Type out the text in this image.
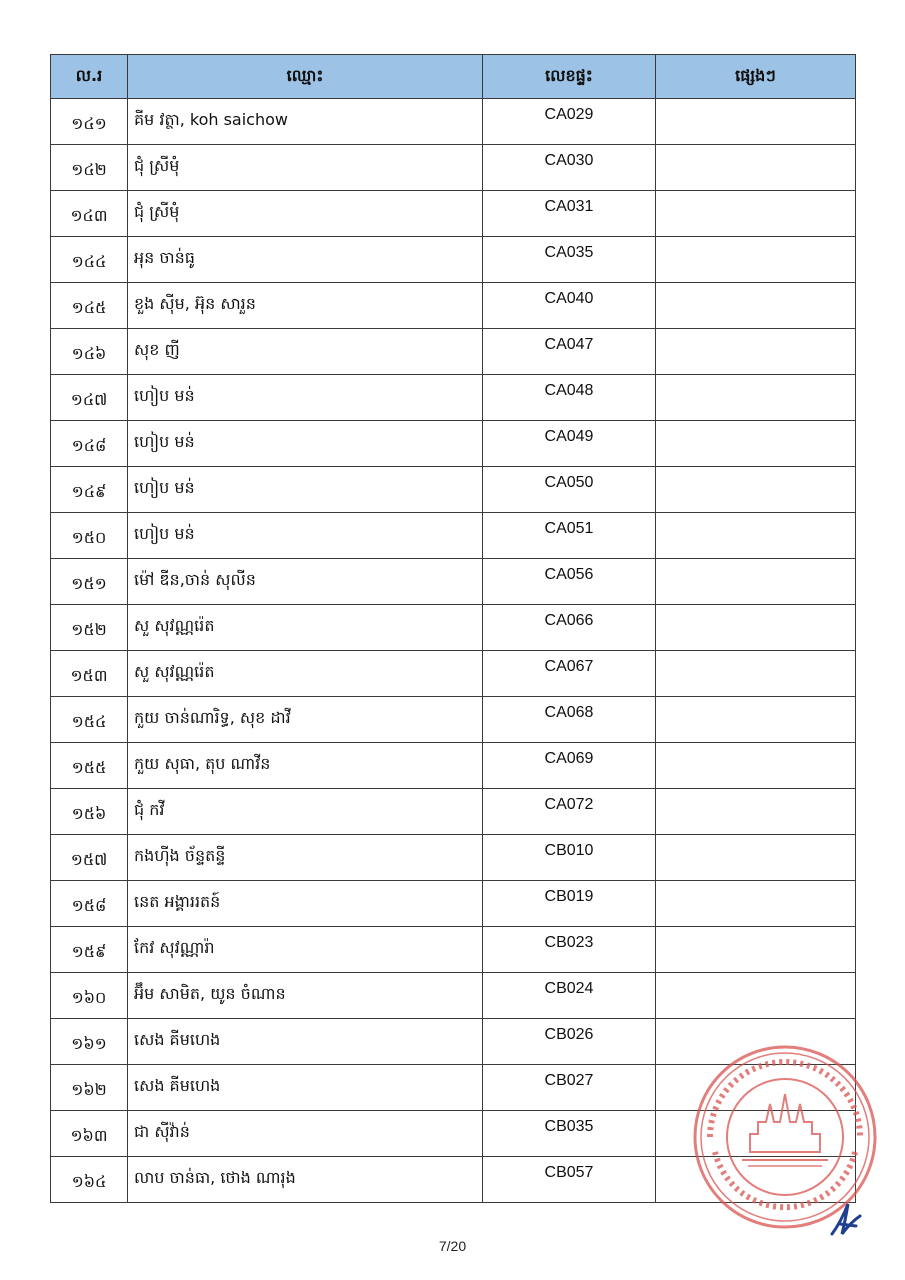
ល.រ	ឈ្មោះ	លេខផ្ទះ	ផ្សេងៗ
១៤១	គីម វត្ថា, koh saichow	CA029	
១៤២	ជុំ ស្រីមុំ	CA030	
១៤៣	ជុំ ស្រីមុំ	CA031	
១៤៤	អុន ចាន់ធូ	CA035	
១៤៥	ខួង ស៊ីម, អ៊ុន សារួន	CA040	
១៤៦	សុខ ញី	CA047	
១៤៧	ហៀប មន់	CA048	
១៤៨	ហៀប មន់	CA049	
១៤៩	ហៀប មន់	CA050	
១៥០	ហៀប មន់	CA051	
១៥១	ម៉ៅ ឌីន,ចាន់ សុលីន	CA056	
១៥២	សួ សុវណ្ណរ៉េត	CA066	
១៥៣	សួ សុវណ្ណរ៉េត	CA067	
១៥៤	កួយ ចាន់ណារិទ្ធ, សុខ ដាវី	CA068	
១៥៥	កួយ សុធា, តុប ណាវីន	CA069	
១៥៦	ជុំ កវី	CA072	
១៥៧	កងហ៊ីង ច័ន្ទតន្ទី	CB010	
១៥៨	នេត អង្គាររតន៍	CB019	
១៥៩	កែវ សុវណ្ណារ៉ា	CB023	
១៦០	អ៊ឹម សាមិត, យូន ចំណាន	CB024	
១៦១	សេង គីមហេង	CB026	
១៦២	សេង គីមហេង	CB027	
១៦៣	ជា ស៊ីវ៉ាន់	CB035	
១៦៤	លាប ចាន់ធា, ថោង ណារុង	CB057	
7/20
